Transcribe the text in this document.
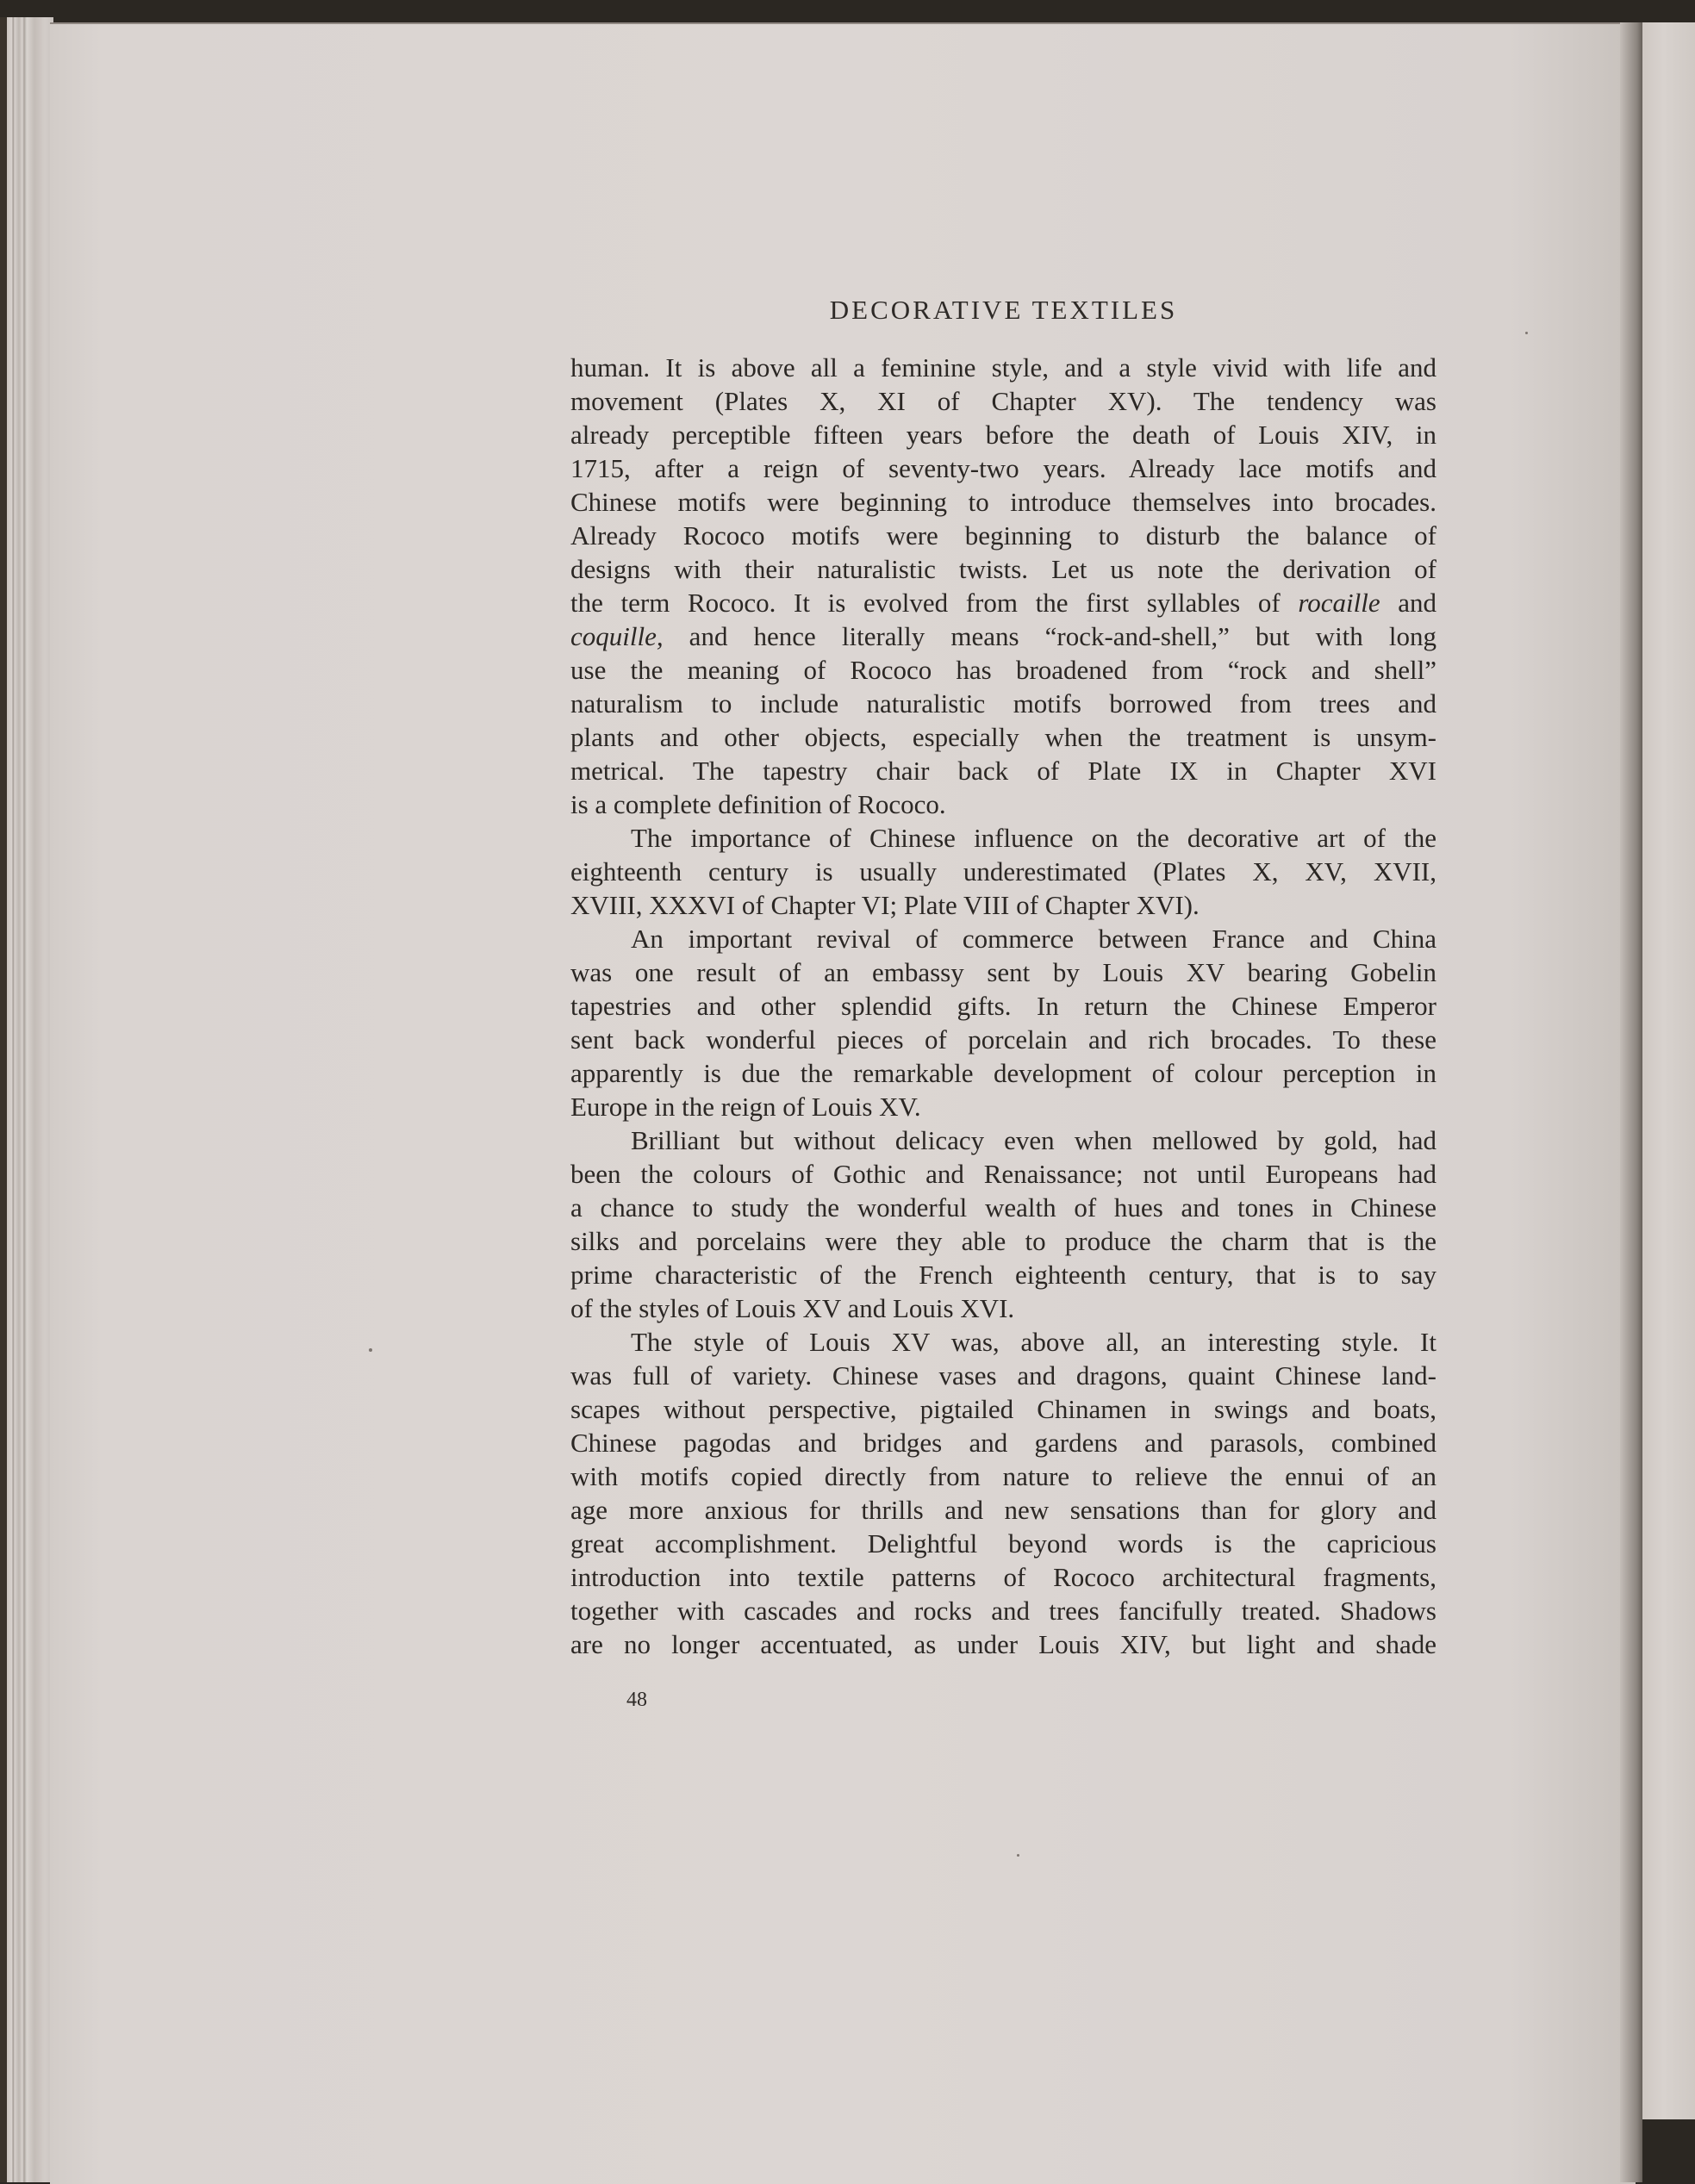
DECORATIVE TEXTILES
human. It is above all a feminine style, and a style vivid with life and
movement (Plates X, XI of Chapter XV). The tendency was
already perceptible fifteen years before the death of Louis XIV, in
1715, after a reign of seventy-two years. Already lace motifs and
Chinese motifs were beginning to introduce themselves into brocades.
Already Rococo motifs were beginning to disturb the balance of
designs with their naturalistic twists. Let us note the derivation of
the term Rococo. It is evolved from the first syllables of rocaille and
coquille, and hence literally means “rock-and-shell,” but with long
use the meaning of Rococo has broadened from “rock and shell”
naturalism to include naturalistic motifs borrowed from trees and
plants and other objects, especially when the treatment is unsym-
metrical. The tapestry chair back of Plate IX in Chapter XVI
is a complete definition of Rococo.
The importance of Chinese influence on the decorative art of the
eighteenth century is usually underestimated (Plates X, XV, XVII,
XVIII, XXXVI of Chapter VI; Plate VIII of Chapter XVI).
An important revival of commerce between France and China
was one result of an embassy sent by Louis XV bearing Gobelin
tapestries and other splendid gifts. In return the Chinese Emperor
sent back wonderful pieces of porcelain and rich brocades. To these
apparently is due the remarkable development of colour perception in
Europe in the reign of Louis XV.
Brilliant but without delicacy even when mellowed by gold, had
been the colours of Gothic and Renaissance; not until Europeans had
a chance to study the wonderful wealth of hues and tones in Chinese
silks and porcelains were they able to produce the charm that is the
prime characteristic of the French eighteenth century, that is to say
of the styles of Louis XV and Louis XVI.
The style of Louis XV was, above all, an interesting style. It
was full of variety. Chinese vases and dragons, quaint Chinese land-
scapes without perspective, pigtailed Chinamen in swings and boats,
Chinese pagodas and bridges and gardens and parasols, combined
with motifs copied directly from nature to relieve the ennui of an
age more anxious for thrills and new sensations than for glory and
great accomplishment. Delightful beyond words is the capricious
introduction into textile patterns of Rococo architectural fragments,
together with cascades and rocks and trees fancifully treated. Shadows
are no longer accentuated, as under Louis XIV, but light and shade
48
